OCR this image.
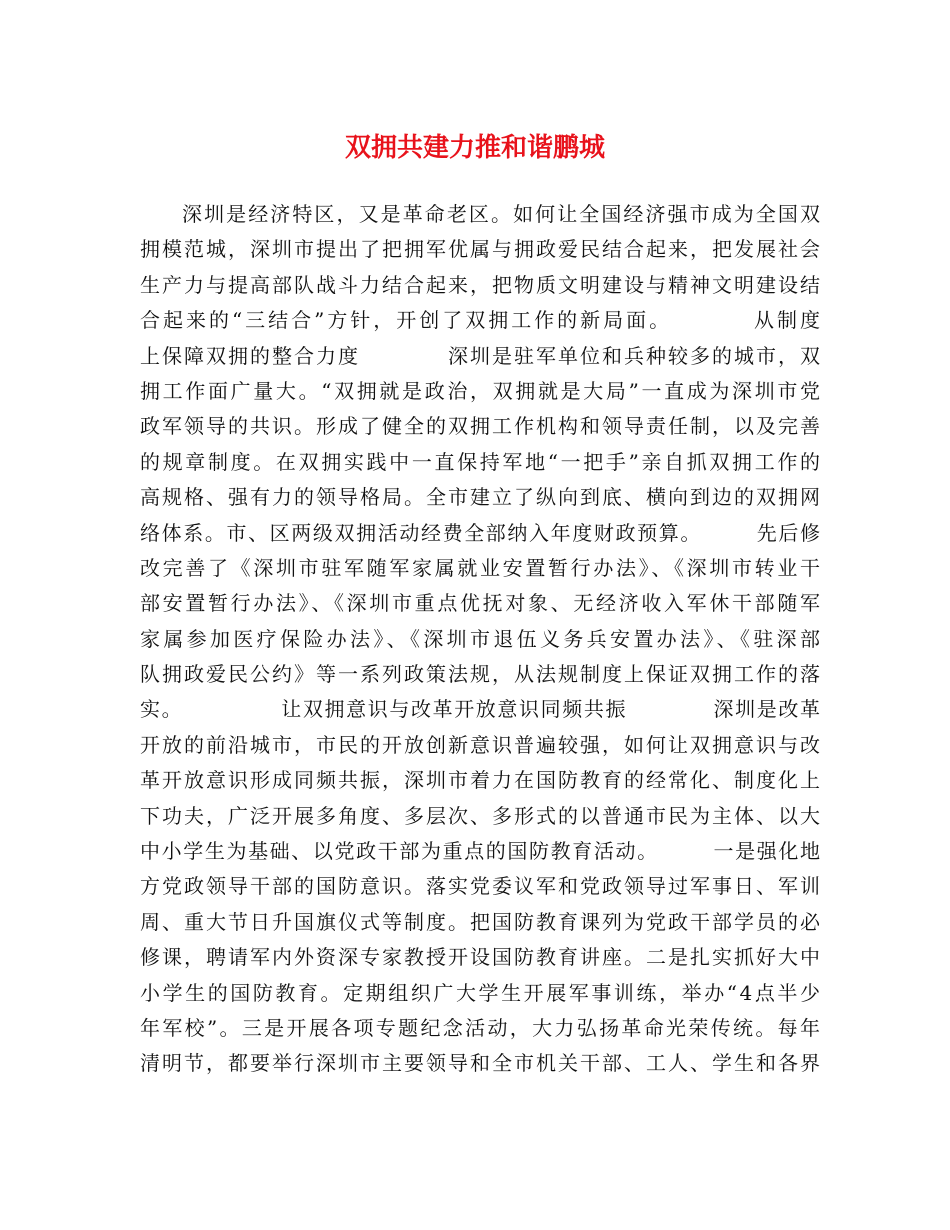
双拥共建力推和谐鹏城
深圳是经济特区，又是革命老区。如何让全国经济强市成为全国双
拥模范城，深圳市提出了把拥军优属与拥政爱民结合起来，把发展社会
生产力与提高部队战斗力结合起来，把物质文明建设与精神文明建设结
合起来的“三结合”方针，开创了双拥工作的新局面。　　　　从制度
上保障双拥的整合力度　　　　深圳是驻军单位和兵种较多的城市，双
拥工作面广量大。“双拥就是政治，双拥就是大局”一直成为深圳市党
政军领导的共识。形成了健全的双拥工作机构和领导责任制，以及完善
的规章制度。在双拥实践中一直保持军地“一把手”亲自抓双拥工作的
高规格、强有力的领导格局。全市建立了纵向到底、横向到边的双拥网
络体系。市、区两级双拥活动经费全部纳入年度财政预算。　　　先后修
改完善了《深圳市驻军随军家属就业安置暂行办法》、《深圳市转业干
部安置暂行办法》、《深圳市重点优抚对象、无经济收入军休干部随军
家属参加医疗保险办法》、《深圳市退伍义务兵安置办法》、《驻深部
队拥政爱民公约》等一系列政策法规，从法规制度上保证双拥工作的落
实。　　　　　让双拥意识与改革开放意识同频共振　　　　深圳是改革
开放的前沿城市，市民的开放创新意识普遍较强，如何让双拥意识与改
革开放意识形成同频共振，深圳市着力在国防教育的经常化、制度化上
下功夫，广泛开展多角度、多层次、多形式的以普通市民为主体、以大
中小学生为基础、以党政干部为重点的国防教育活动。　　　一是强化地
方党政领导干部的国防意识。落实党委议军和党政领导过军事日、军训
周、重大节日升国旗仪式等制度。把国防教育课列为党政干部学员的必
修课，聘请军内外资深专家教授开设国防教育讲座。二是扎实抓好大中
小学生的国防教育。定期组织广大学生开展军事训练，举办“4点半少
年军校”。三是开展各项专题纪念活动，大力弘扬革命光荣传统。每年
清明节，都要举行深圳市主要领导和全市机关干部、工人、学生和各界
